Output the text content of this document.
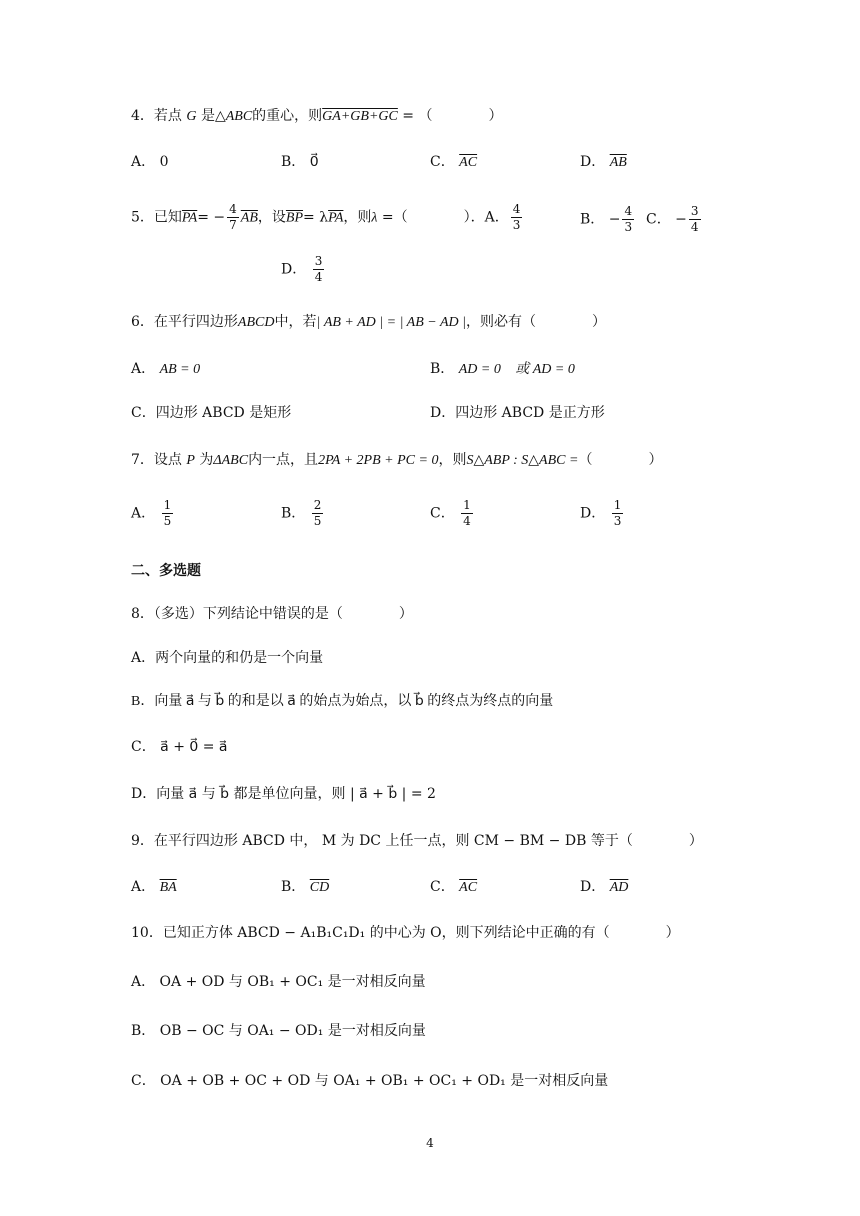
4．若点 G 是△ABC的重心，则GA+GB+GC = （　　　　）
A． 0	B． 0⃗	C． $\overline{AC}$	D． $\overline{AB}$
5．已知$\overline{PA}= - \frac{4}{7} \overline{AB}$，设$\overline{BP}= \lambda\overline{PA}$，则λ =（　　　　）．A． $\frac{4}{3}$	B． − $\frac{4}{3}$ C． − $\frac{3}{4}$
D． $\frac{3}{4}$
6．在平行四边形ABCD中，若| AB + AD | = | AB − AD |，则必有（　　　　）
A． AB = 0⃗	B． AD = 0⃗ 或 AD = 0⃗
C．四边形 ABCD 是矩形	D．四边形 ABCD 是正方形
7．设点 P 为ΔABC内一点，且2PA + 2PB + PC = 0，则S△ABP : S△ABC =（　　　　）
A． $\frac{1}{5}$	B． $\frac{2}{5}$	C． $\frac{1}{4}$	D． $\frac{1}{3}$
二、多选题
8．（多选）下列结论中错误的是（　　　　）
A．两个向量的和仍是一个向量
B．向量 a⃗ 与 b⃗ 的和是以 a⃗ 的始点为始点，以 b⃗ 的终点为终点的向量
C． a⃗ + 0⃗ = a⃗
D．向量 a⃗ 与 b⃗ 都是单位向量，则 | a⃗ + b⃗ | = 2
9．在平行四边形 ABCD 中， M 为 DC 上任一点，则 CM − BM − DB 等于（　　　　）
A． $\overline{BA}$	B． $\overline{CD}$	C． $\overline{AC}$	D． $\overline{AD}$
10．已知正方体 ABCD − A₁B₁C₁D₁ 的中心为 O，则下列结论中正确的有（　　　　）
A． OA + OD 与 OB₁ + OC₁ 是一对相反向量
B． OB − OC 与 OA₁ − OD₁ 是一对相反向量
C． OA + OB + OC + OD 与 OA₁ + OB₁ + OC₁ + OD₁ 是一对相反向量
4
